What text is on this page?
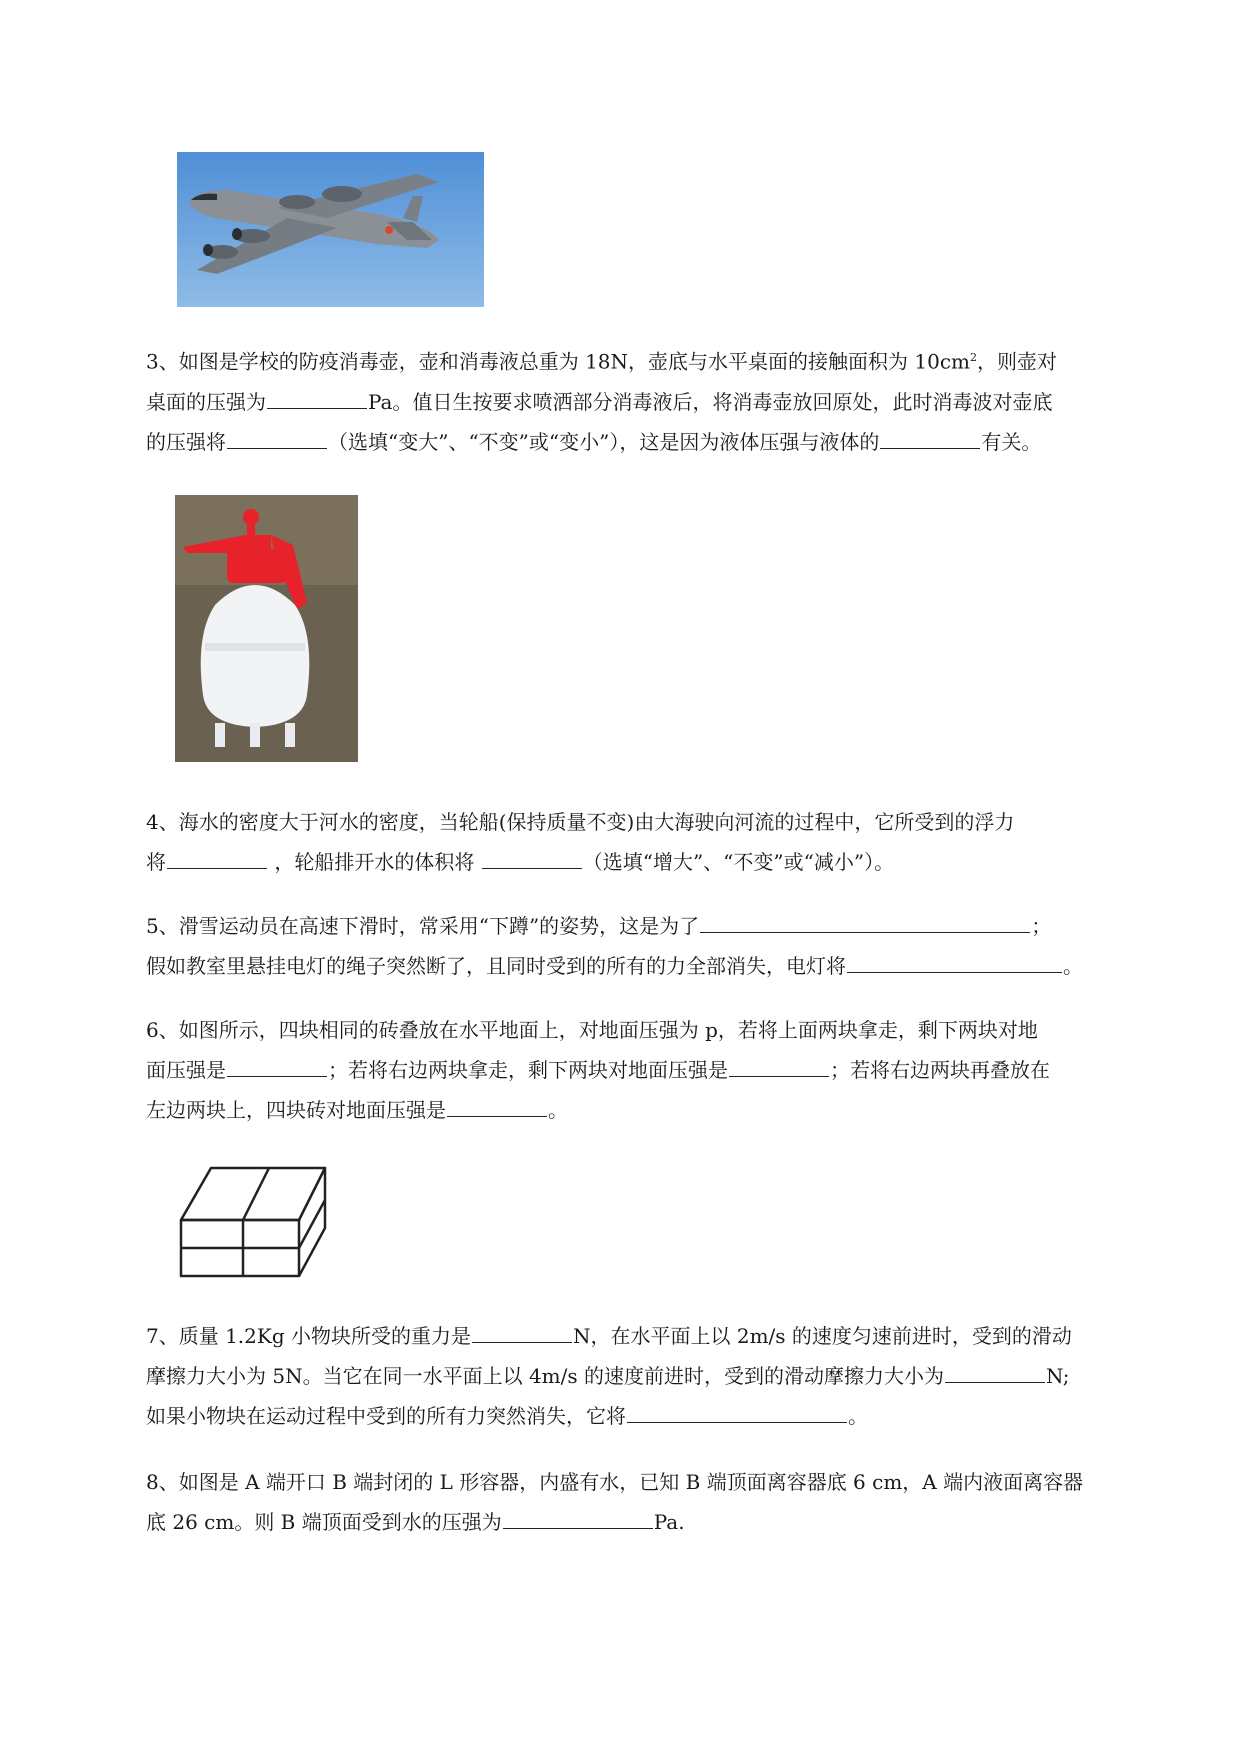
3、如图是学校的防疫消毒壶，壶和消毒液总重为 18N，壶底与水平桌面的接触面积为 $10cm^2$，则壶对
桌面的压强为	Pa。值日生按要求喷洒部分消毒液后，将消毒壶放回原处，此时消毒波对壶底
的压强将	（选填“变大”、“不变”或“变小”），这是因为液体压强与液体的	有关。
4、海水的密度大于河水的密度，当轮船(保持质量不变)由大海驶向河流的过程中，它所受到的浮力
将	，轮船排开水的体积将	（选填“增大”、“不变”或“减小”）。
5、滑雪运动员在高速下滑时，常采用“下蹲”的姿势，这是为了	；
假如教室里悬挂电灯的绳子突然断了，且同时受到的所有的力全部消失，电灯将	。
6、如图所示，四块相同的砖叠放在水平地面上，对地面压强为 p，若将上面两块拿走，剩下两块对地
面压强是	；若将右边两块拿走，剩下两块对地面压强是	；若将右边两块再叠放在
左边两块上，四块砖对地面压强是	。
7、质量 1.2Kg 小物块所受的重力是	N，在水平面上以 2m/s 的速度匀速前进时，受到的滑动
摩擦力大小为 5N。当它在同一水平面上以 4m/s 的速度前进时，受到的滑动摩擦力大小为	N;
如果小物块在运动过程中受到的所有力突然消失，它将	。
8、如图是 A 端开口 B 端封闭的 L 形容器，内盛有水，已知 B 端顶面离容器底 6 cm，A 端内液面离容器
底 26 cm。则 B 端顶面受到水的压强为	Pa.
